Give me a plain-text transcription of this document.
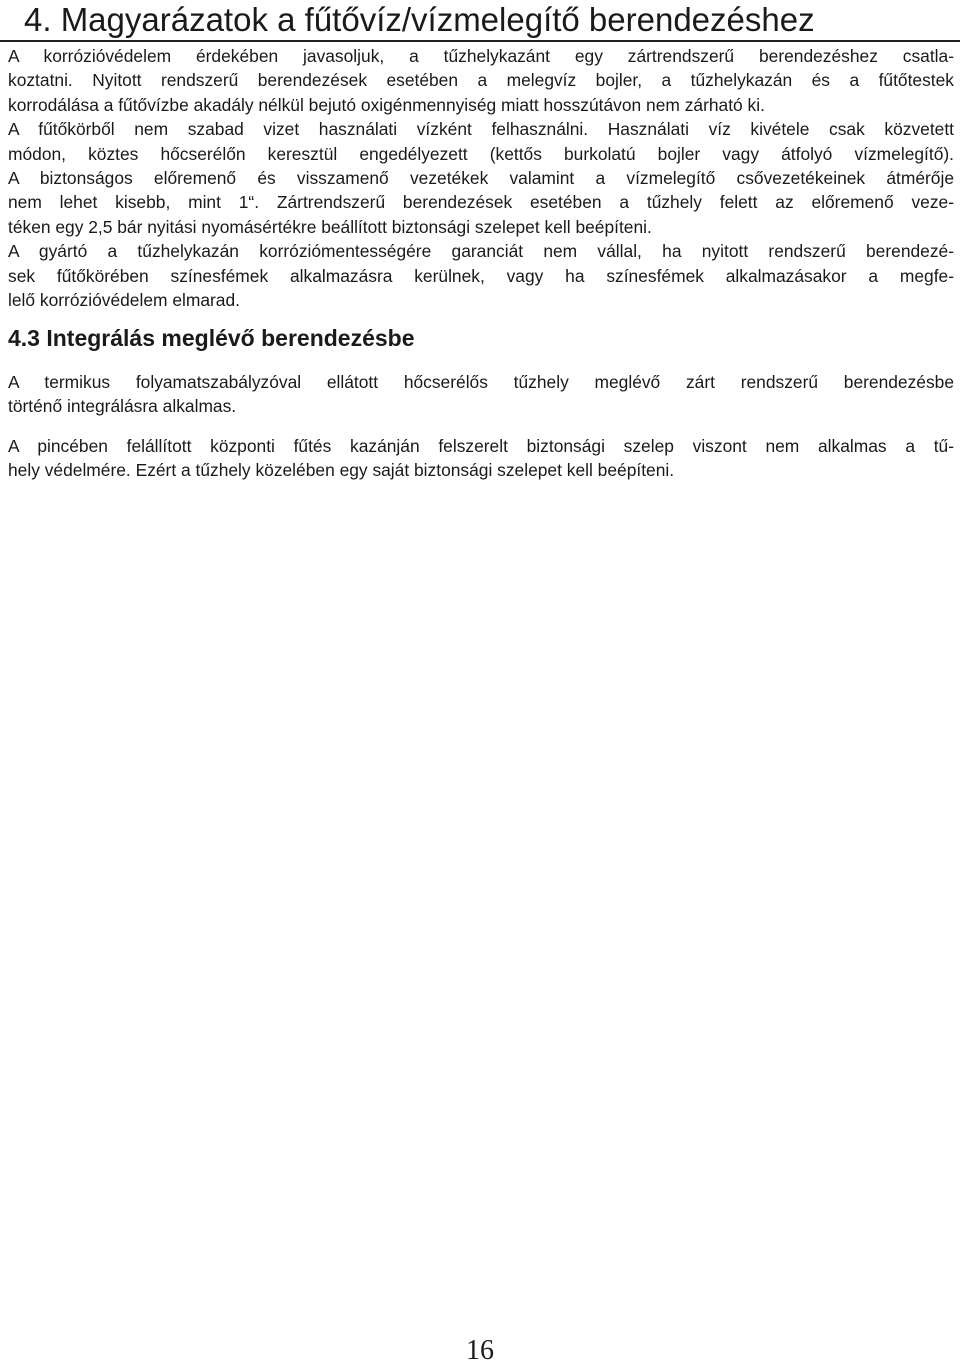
4. Magyarázatok a fűtővíz/vízmelegítő berendezéshez
A korrózióvédelem érdekében javasoljuk, a tűzhelykazánt egy zártrendszerű berendezéshez csatla-
koztatni. Nyitott rendszerű berendezések esetében a melegvíz bojler, a tűzhelykazán és a fűtőtestek
korrodálása a fűtővízbe akadály nélkül bejutó oxigénmennyiség miatt hosszútávon nem zárható ki.
A fűtőkörből nem szabad vizet használati vízként felhasználni. Használati víz kivétele csak közvetett
módon, köztes hőcserélőn keresztül engedélyezett (kettős burkolatú bojler vagy átfolyó vízmelegítő).
A biztonságos előremenő és visszamenő vezetékek valamint a vízmelegítő csővezetékeinek átmérője
nem lehet kisebb, mint 1“. Zártrendszerű berendezések esetében a tűzhely felett az előremenő veze-
téken egy 2,5 bár nyitási nyomásértékre beállított biztonsági szelepet kell beépíteni.
A gyártó a tűzhelykazán korróziómentességére garanciát nem vállal, ha nyitott rendszerű berendezé-
sek fűtőkörében színesfémek alkalmazásra kerülnek, vagy ha színesfémek alkalmazásakor a megfe-
lelő korrózióvédelem elmarad.
4.3 Integrálás meglévő berendezésbe
A termikus folyamatszabályzóval ellátott hőcserélős tűzhely meglévő zárt rendszerű berendezésbe
történő integrálásra alkalmas.
A pincében felállított központi fűtés kazánján felszerelt biztonsági szelep viszont nem alkalmas a tű-
hely védelmére. Ezért a tűzhely közelében egy saját biztonsági szelepet kell beépíteni.
16
